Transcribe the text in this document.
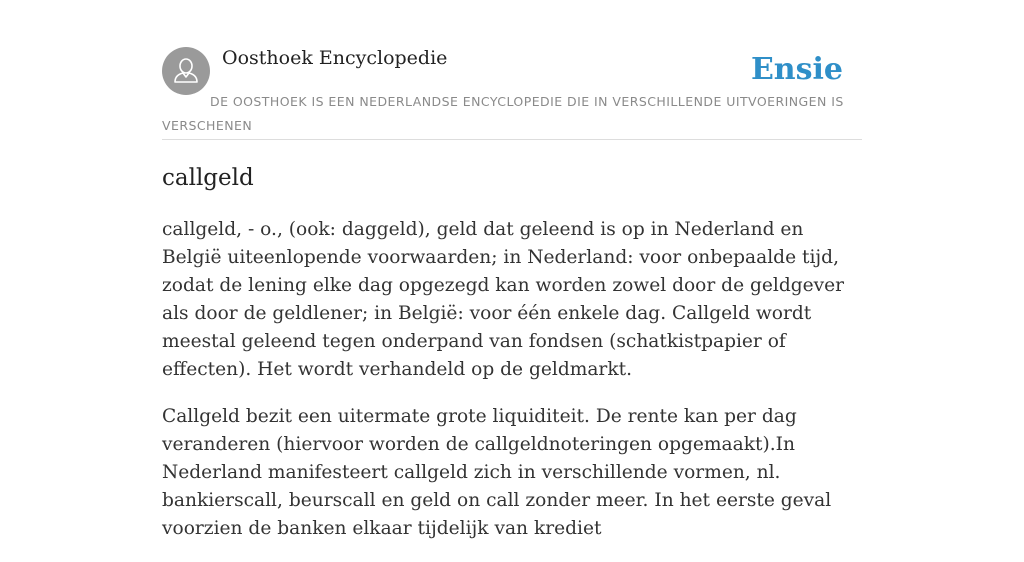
Oosthoek Encyclopedie	Ensie
DE OOSTHOEK IS EEN NEDERLANDSE ENCYCLOPEDIE DIE IN VERSCHILLENDE UITVOERINGEN IS VERSCHENEN
callgeld

callgeld, - o., (ook: daggeld), geld dat geleend is op in Nederland en België uiteenlopende voorwaarden; in Nederland: voor onbepaalde tijd, zodat de lening elke dag opgezegd kan worden zowel door de geldgever als door de geldlener; in België: voor één enkele dag. Callgeld wordt meestal geleend tegen onderpand van fondsen (schatkistpapier of effecten). Het wordt verhandeld op de geldmarkt.

Callgeld bezit een uitermate grote liquiditeit. De rente kan per dag veranderen (hiervoor worden de callgeldnoteringen opgemaakt).In Nederland manifesteert callgeld zich in verschillende vormen, nl. bankierscall, beurscall en geld on call zonder meer. In het eerste geval voorzien de banken elkaar tijdelijk van krediet
